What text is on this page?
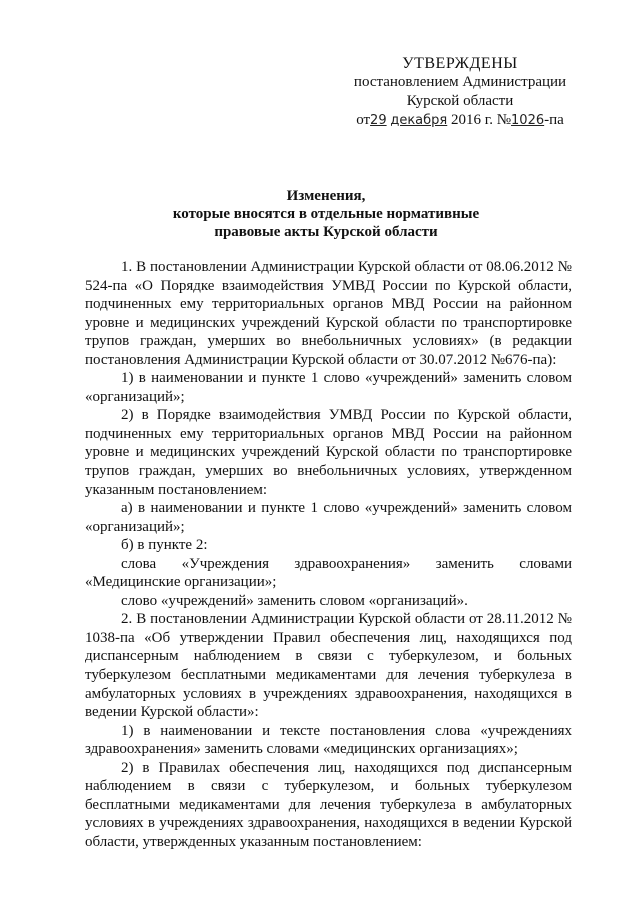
УТВЕРЖДЕНЫ
постановлением Администрации
Курской области
от29 декабря 2016 г. №1026-па
Изменения,
которые вносятся в отдельные нормативные
правовые акты Курской области

1. В постановлении Администрации Курской области от 08.06.2012 № 524-па «О Порядке взаимодействия УМВД России по Курской области, подчиненных ему территориальных органов МВД России на районном уровне и медицинских учреждений Курской области по транспортировке трупов граждан, умерших во внебольничных условиях» (в редакции постановления Администрации Курской области от 30.07.2012 №676-па):

1) в наименовании и пункте 1 слово «учреждений» заменить словом «организаций»;

2) в Порядке взаимодействия УМВД России по Курской области, подчиненных ему территориальных органов МВД России на районном уровне и медицинских учреждений Курской области по транспортировке трупов граждан, умерших во внебольничных условиях, утвержденном указанным постановлением:

а) в наименовании и пункте 1 слово «учреждений» заменить словом «организаций»;

б) в пункте 2:

слова «Учреждения здравоохранения» заменить словами «Медицинские организации»;

слово «учреждений» заменить словом «организаций».

2. В постановлении Администрации Курской области от 28.11.2012 № 1038-па «Об утверждении Правил обеспечения лиц, находящихся под диспансерным наблюдением в связи с туберкулезом, и больных туберкулезом бесплатными медикаментами для лечения туберкулеза в амбулаторных условиях в учреждениях здравоохранения, находящихся в ведении Курской области»:

1) в наименовании и тексте постановления слова «учреждениях здравоохранения» заменить словами «медицинских организациях»;

2) в Правилах обеспечения лиц, находящихся под диспансерным наблюдением в связи с туберкулезом, и больных туберкулезом бесплатными медикаментами для лечения туберкулеза в амбулаторных условиях в учреждениях здравоохранения, находящихся в ведении Курской области, утвержденных указанным постановлением:
